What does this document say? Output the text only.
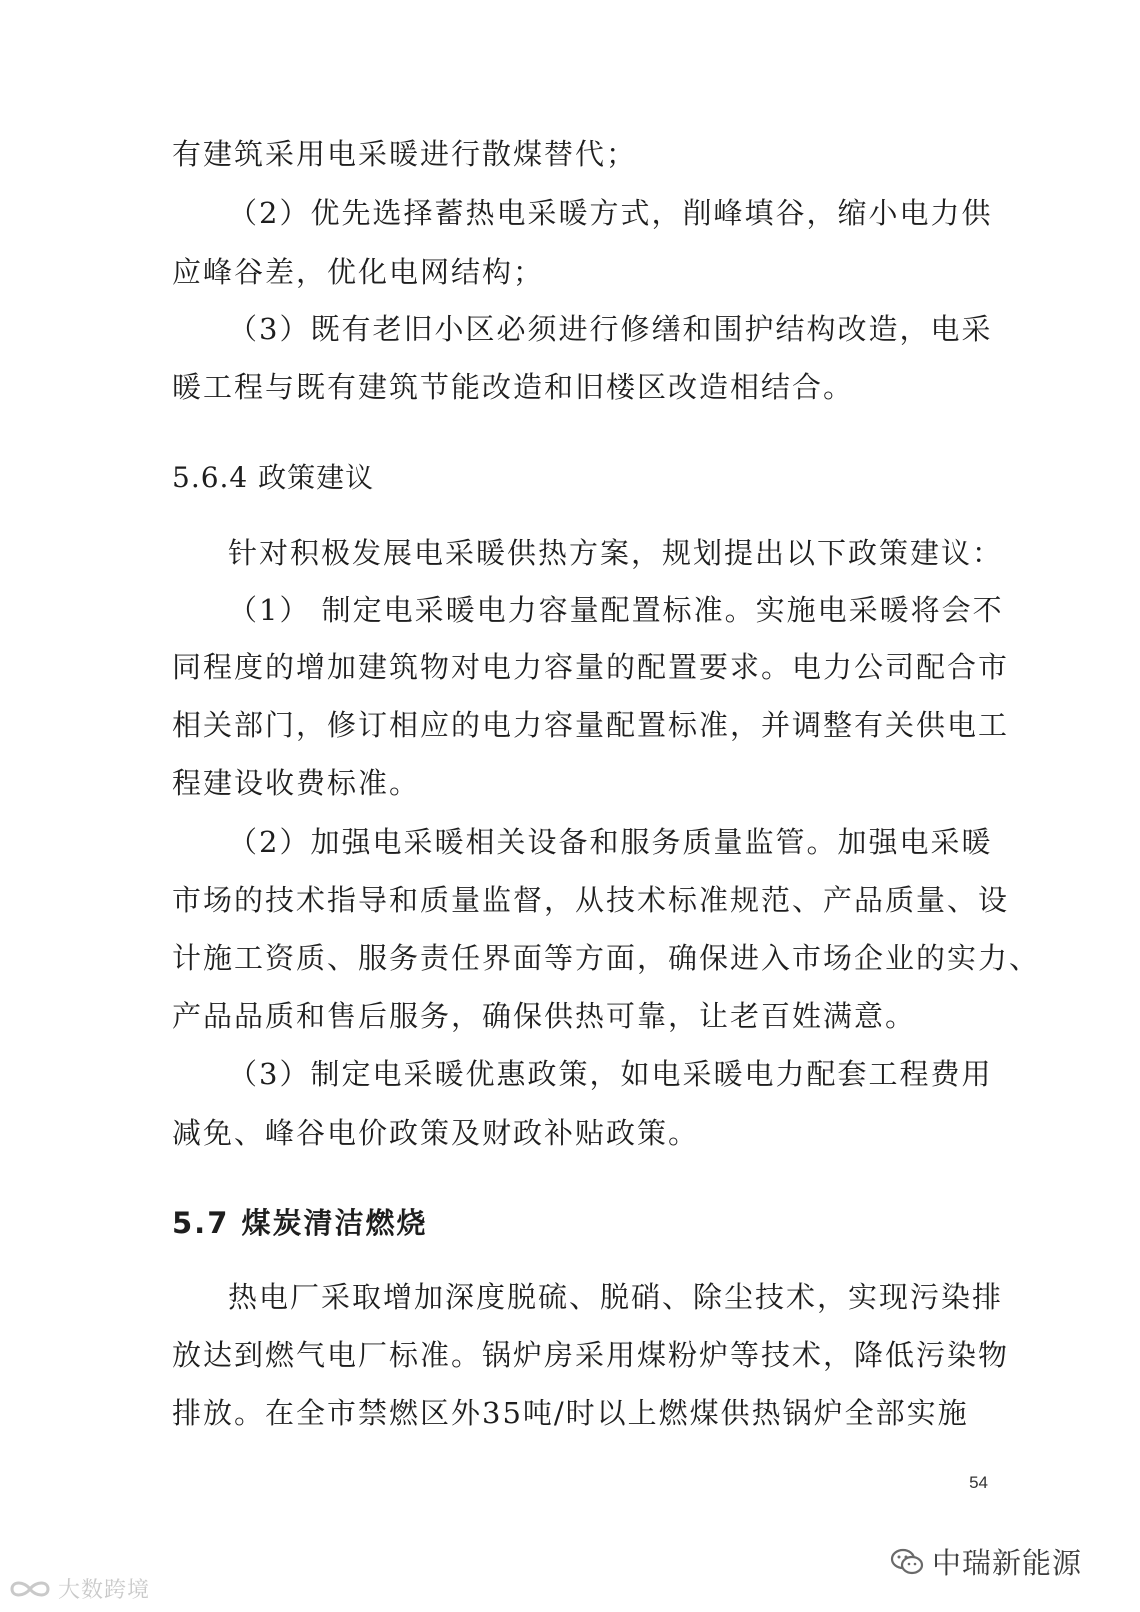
有建筑采用电采暖进行散煤替代；
（2）优先选择蓄热电采暖方式，削峰填谷，缩小电力供
应峰谷差，优化电网结构；
（3）既有老旧小区必须进行修缮和围护结构改造，电采
暖工程与既有建筑节能改造和旧楼区改造相结合。
5.6.4 政策建议
针对积极发展电采暖供热方案，规划提出以下政策建议：
（1） 制定电采暖电力容量配置标准。实施电采暖将会不
同程度的增加建筑物对电力容量的配置要求。电力公司配合市
相关部门，修订相应的电力容量配置标准，并调整有关供电工
程建设收费标准。
（2）加强电采暖相关设备和服务质量监管。加强电采暖
市场的技术指导和质量监督，从技术标准规范、产品质量、设
计施工资质、服务责任界面等方面，确保进入市场企业的实力、
产品品质和售后服务，确保供热可靠，让老百姓满意。
（3）制定电采暖优惠政策，如电采暖电力配套工程费用
减免、峰谷电价政策及财政补贴政策。
5.7 煤炭清洁燃烧
热电厂采取增加深度脱硫、脱硝、除尘技术，实现污染排
放达到燃气电厂标准。锅炉房采用煤粉炉等技术，降低污染物
排放。在全市禁燃区外35吨/时以上燃煤供热锅炉全部实施
54
大数跨境
中瑞新能源
